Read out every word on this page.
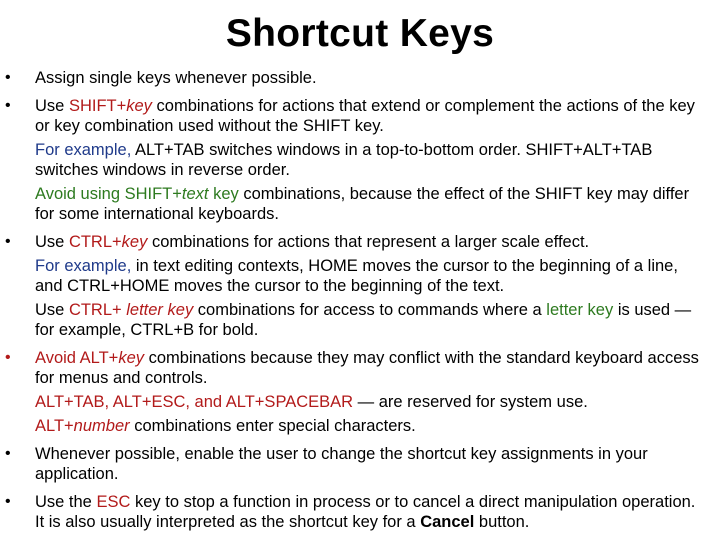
Shortcut Keys
• Assign single keys whenever possible.
• Use SHIFT+key combinations for actions that extend or complement the actions of the key or key combination used without the SHIFT key.
For example, ALT+TAB switches windows in a top-to-bottom order. SHIFT+ALT+TAB switches windows in reverse order.
Avoid using SHIFT+text key combinations, because the effect of the SHIFT key may differ for some international keyboards.
• Use CTRL+key combinations for actions that represent a larger scale effect.
For example, in text editing contexts, HOME moves the cursor to the beginning of a line, and CTRL+HOME moves the cursor to the beginning of the text.
Use CTRL+ letter key combinations for access to commands where a letter key is used — for example, CTRL+B for bold.
• Avoid ALT+key combinations because they may conflict with the standard keyboard access for menus and controls.
ALT+TAB, ALT+ESC, and ALT+SPACEBAR — are reserved for system use.
ALT+number combinations enter special characters.
• Whenever possible, enable the user to change the shortcut key assignments in your application.
• Use the ESC key to stop a function in process or to cancel a direct manipulation operation. It is also usually interpreted as the shortcut key for a Cancel button.
